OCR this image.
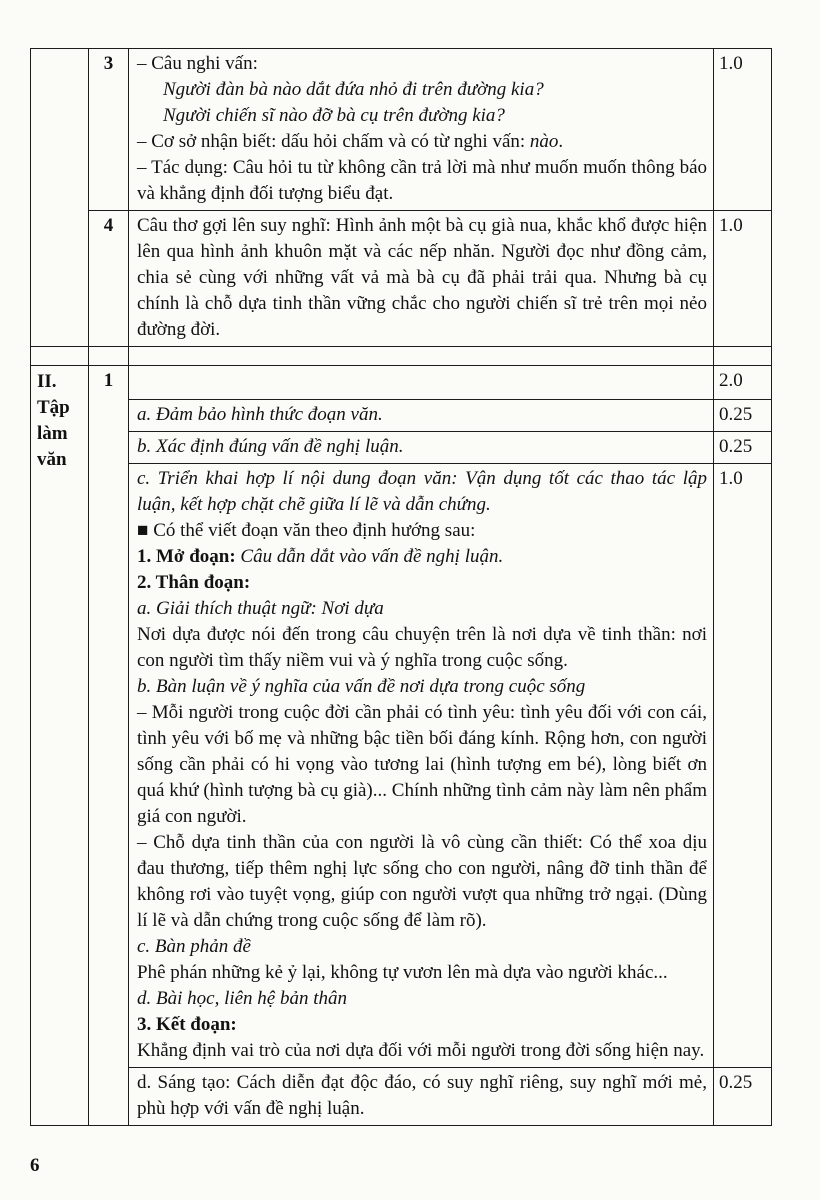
	3	– Câu nghi vấn:

Người đàn bà nào dắt đứa nhỏ đi trên đường kia?

Người chiến sĩ nào đỡ bà cụ trên đường kia?

– Cơ sở nhận biết: dấu hỏi chấm và có từ nghi vấn: nào.

– Tác dụng: Câu hỏi tu từ không cần trả lời mà như muốn muốn thông báo và khẳng định đối tượng biểu đạt.	1.0
	4	Câu thơ gợi lên suy nghĩ: Hình ảnh một bà cụ già nua, khắc khổ được hiện lên qua hình ảnh khuôn mặt và các nếp nhăn. Người đọc như đồng cảm, chia sẻ cùng với những vất vả mà bà cụ đã phải trải qua. Nhưng bà cụ chính là chỗ dựa tinh thần vững chắc cho người chiến sĩ trẻ trên mọi nẻo đường đời.	1.0

II. Tập làm văn	1		2.0

		a. Đảm bảo hình thức đoạn văn.	0.25

		b. Xác định đúng vấn đề nghị luận.	0.25

c. Triển khai hợp lí nội dung đoạn văn: Vận dụng tốt các thao tác lập luận, kết hợp chặt chẽ giữa lí lẽ và dẫn chứng.

■ Có thể viết đoạn văn theo định hướng sau:

1. Mở đoạn: Câu dẫn dắt vào vấn đề nghị luận.

2. Thân đoạn:

a. Giải thích thuật ngữ: Nơi dựa

Nơi dựa được nói đến trong câu chuyện trên là nơi dựa về tinh thần: nơi con người tìm thấy niềm vui và ý nghĩa trong cuộc sống.

b. Bàn luận về ý nghĩa của vấn đề nơi dựa trong cuộc sống

– Mỗi người trong cuộc đời cần phải có tình yêu: tình yêu đối với con cái, tình yêu với bố mẹ và những bậc tiền bối đáng kính. Rộng hơn, con người sống cần phải có hi vọng vào tương lai (hình tượng em bé), lòng biết ơn quá khứ (hình tượng bà cụ già)... Chính những tình cảm này làm nên phẩm giá con người.

– Chỗ dựa tinh thần của con người là vô cùng cần thiết: Có thể xoa dịu đau thương, tiếp thêm nghị lực sống cho con người, nâng đỡ tinh thần để không rơi vào tuyệt vọng, giúp con người vượt qua những trở ngại. (Dùng lí lẽ và dẫn chứng trong cuộc sống để làm rõ).

c. Bàn phản đề

Phê phán những kẻ ỷ lại, không tự vươn lên mà dựa vào người khác...

d. Bài học, liên hệ bản thân

3. Kết đoạn:

Khẳng định vai trò của nơi dựa đối với mỗi người trong đời sống hiện nay.

	1.0

		d. Sáng tạo: Cách diễn đạt độc đáo, có suy nghĩ riêng, suy nghĩ mới mẻ, phù hợp với vấn đề nghị luận.	0.25
6
